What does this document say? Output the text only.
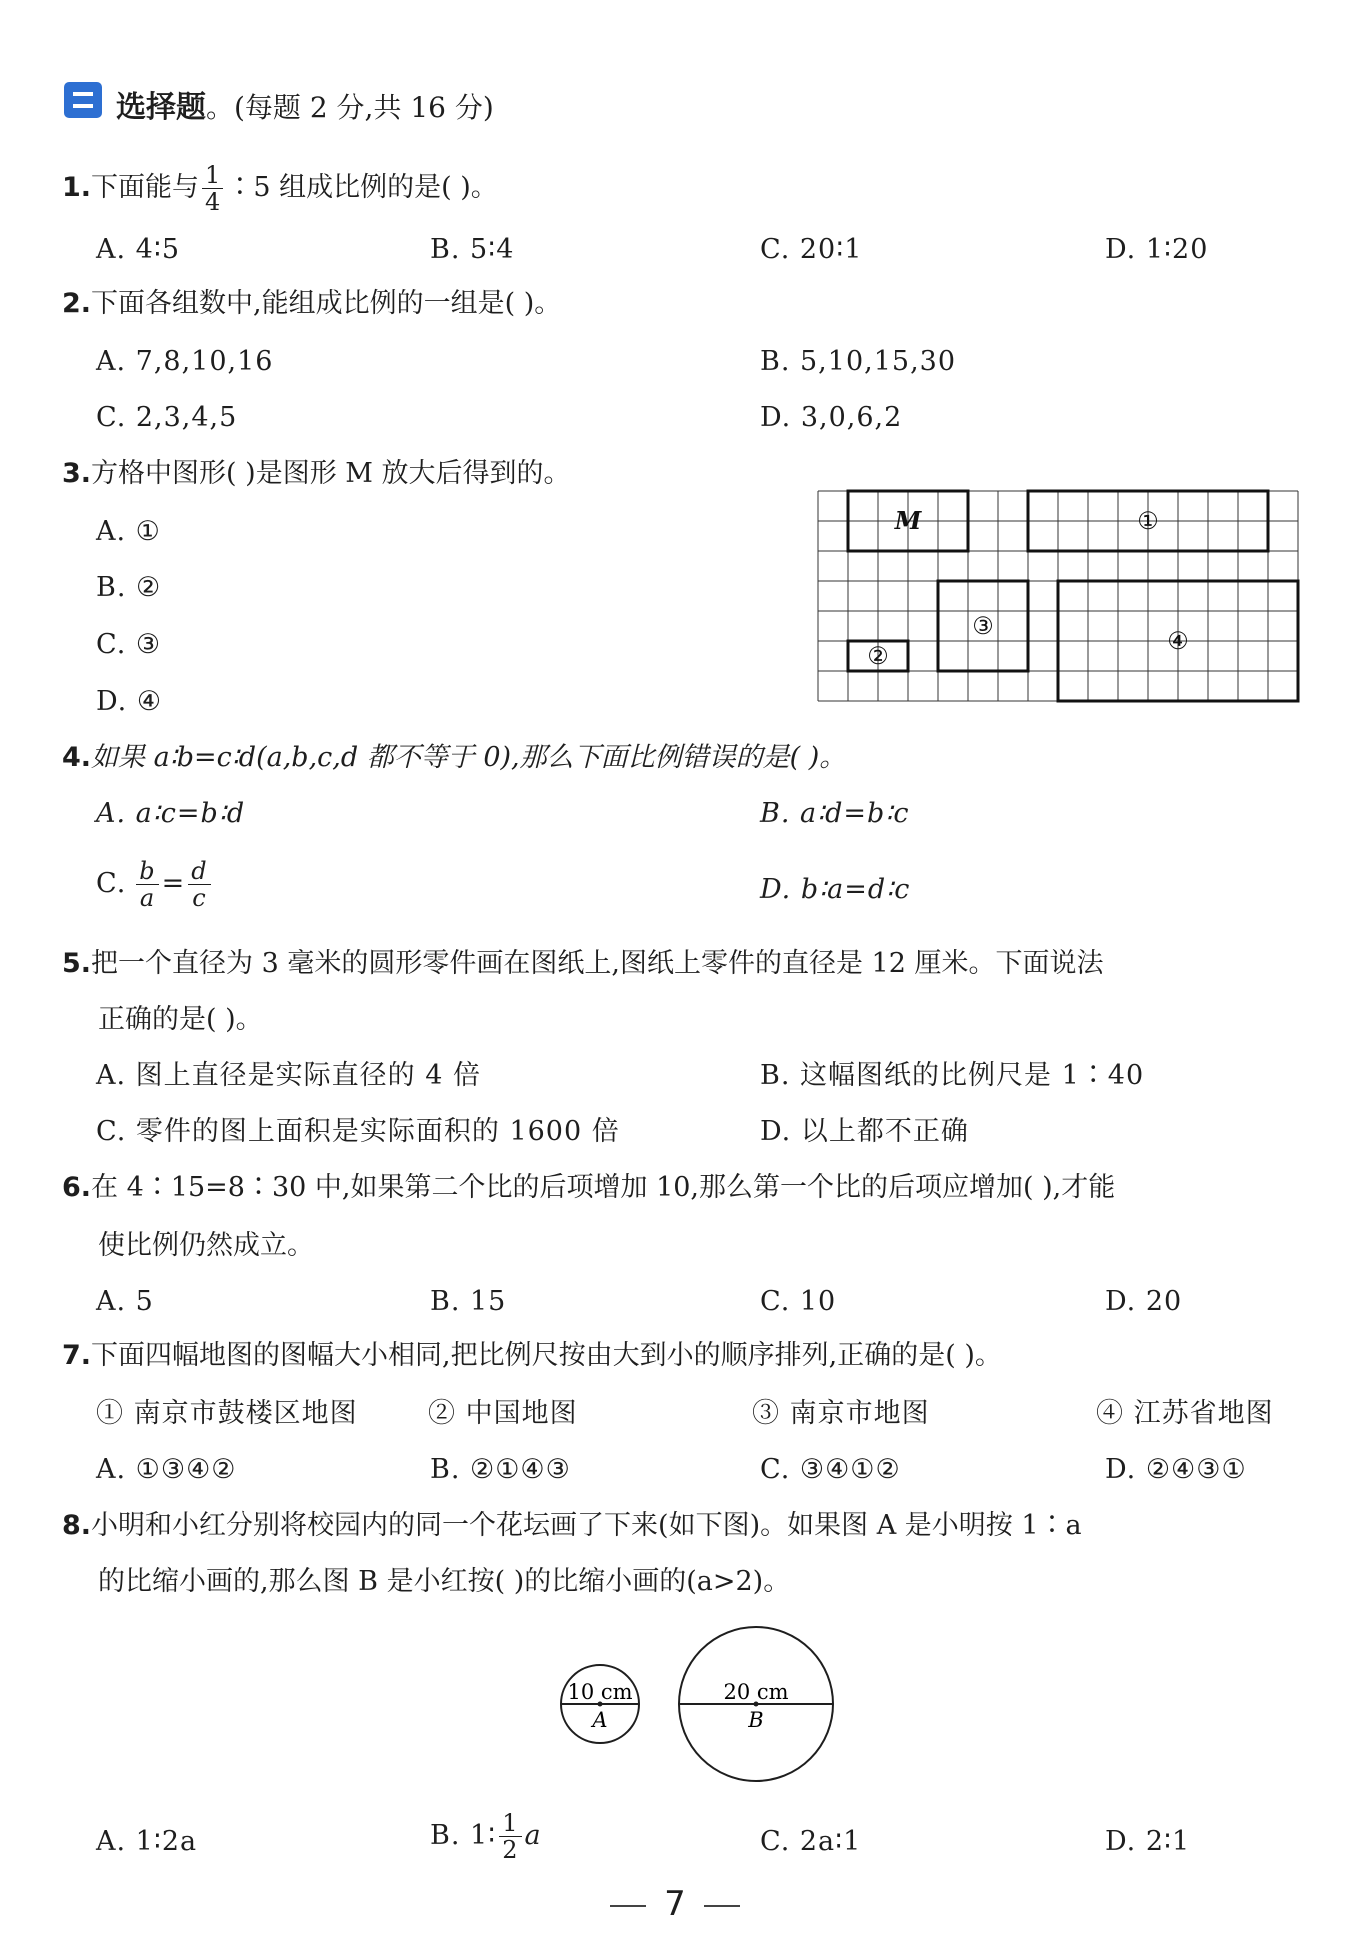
选择题。(每题 2 分,共 16 分)
1.下面能与 $\frac{1}{4}$ ∶5 组成比例的是( )。
A. 4∶5	B. 5∶4	C. 20∶1	D. 1∶20
2.下面各组数中,能组成比例的一组是( )。
A. 7,8,10,16	B. 5,10,15,30
C. 2,3,4,5	D. 3,0,6,2
3.方格中图形( )是图形 M 放大后得到的。
A. ①
B. ②
C. ③
D. ④
M	①
②
③
④
4.如果 a∶b=c∶d(a,b,c,d 都不等于 0),那么下面比例错误的是( )。
A. a∶c=b∶d	B. a∶d=b∶c
C. $\frac{b}{a} = \frac{d}{c}$	D. b∶a=d∶c
5.把一个直径为 3 毫米的圆形零件画在图纸上,图纸上零件的直径是 12 厘米。下面说法
正确的是( )。
A. 图上直径是实际直径的 4 倍	B. 这幅图纸的比例尺是 1∶40
C. 零件的图上面积是实际面积的 1600 倍	D. 以上都不正确
6.在 4∶15=8∶30 中,如果第二个比的后项增加 10,那么第一个比的后项应增加( ),才能
使比例仍然成立。
A. 5	B. 15	C. 10	D. 20
7.下面四幅地图的图幅大小相同,把比例尺按由大到小的顺序排列,正确的是( )。
① 南京市鼓楼区地图	② 中国地图	③ 南京市地图	④ 江苏省地图
A. ①③④②	B. ②①④③	C. ③④①②	D. ②④③①
8.小明和小红分别将校园内的同一个花坛画了下来(如下图)。如果图 A 是小明按 1∶a
的比缩小画的,那么图 B 是小红按( )的比缩小画的(a>2)。
10 cm
A
20 cm
B
A. 1∶2a	B. 1∶ $\frac{1}{2}$ a	C. 2a∶1	D. 2∶1
7
